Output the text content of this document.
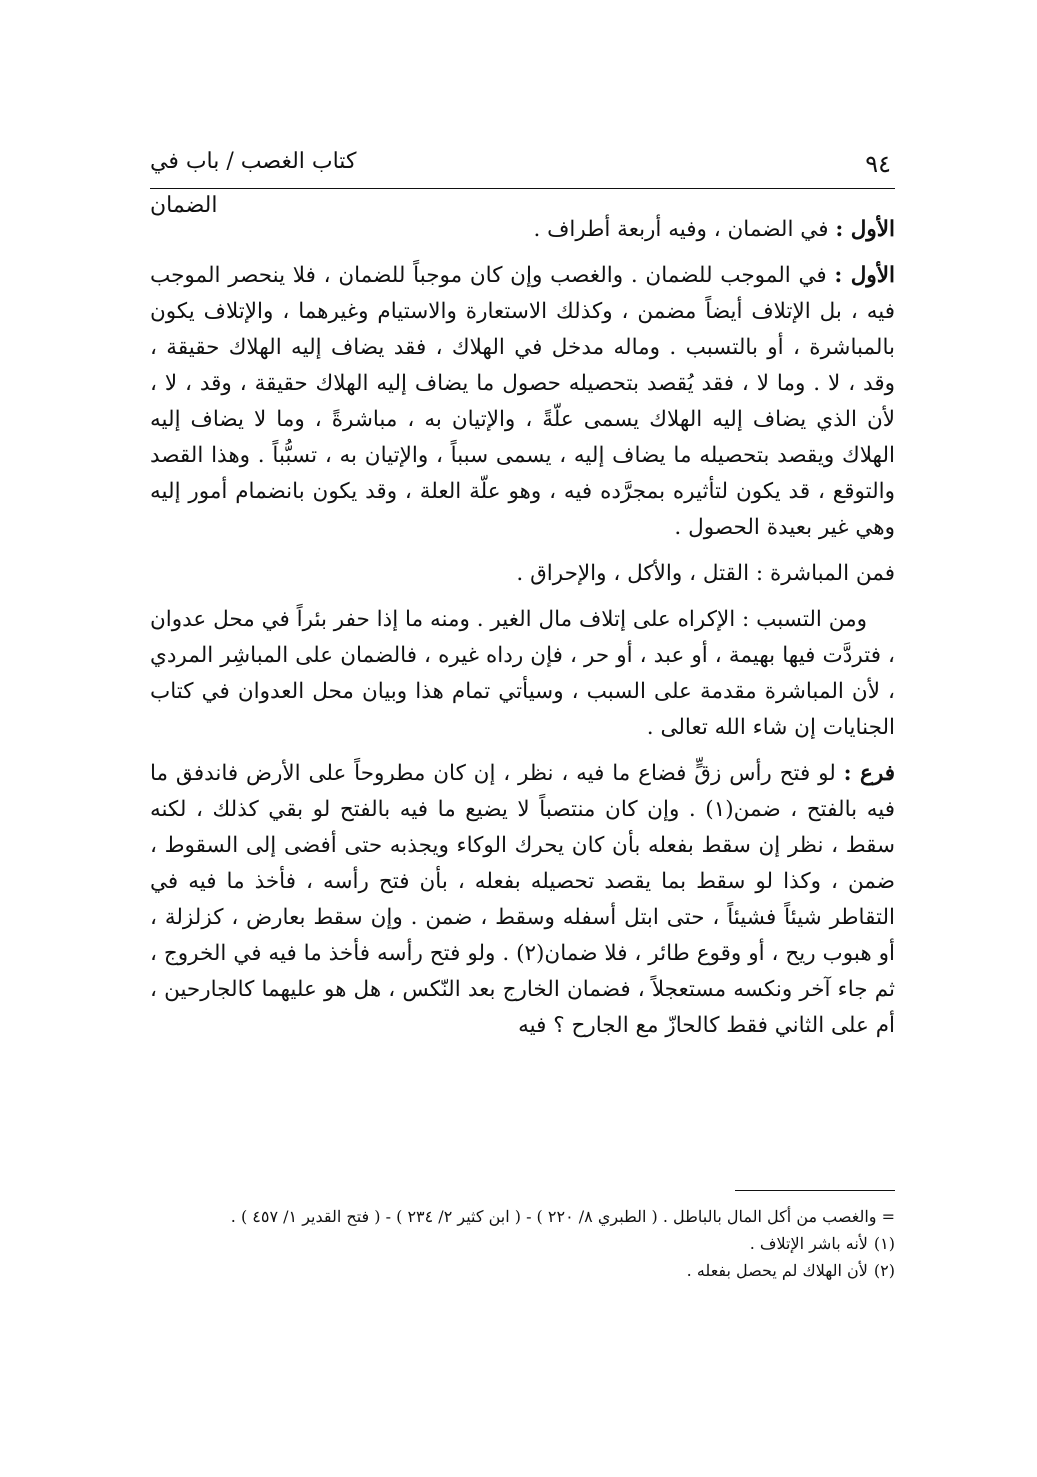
٩٤
كتاب الغصب / باب في الضمان

الأول : في الضمان ، وفيه أربعة أطراف .

الأول : في الموجب للضمان . والغصب وإن كان موجباً للضمان ، فلا ينحصر الموجب فيه ، بل الإتلاف أيضاً مضمن ، وكذلك الاستعارة والاستيام وغيرهما ، والإتلاف يكون بالمباشرة ، أو بالتسبب . وماله مدخل في الهلاك ، فقد يضاف إليه الهلاك حقيقة ، وقد ، لا . وما لا ، فقد يُقصد بتحصيله حصول ما يضاف إليه الهلاك حقيقة ، وقد ، لا ، لأن الذي يضاف إليه الهلاك يسمى علّةً ، والإتيان به ، مباشرةً ، وما لا يضاف إليه الهلاك ويقصد بتحصيله ما يضاف إليه ، يسمى سبباً ، والإتيان به ، تسبُّباً . وهذا القصد والتوقع ، قد يكون لتأثيره بمجرَّده فيه ، وهو علّة العلة ، وقد يكون بانضمام أمور إليه وهي غير بعيدة الحصول .

فمن المباشرة : القتل ، والأكل ، والإحراق .

ومن التسبب : الإكراه على إتلاف مال الغير . ومنه ما إذا حفر بئراً في محل عدوان ، فتردَّت فيها بهيمة ، أو عبد ، أو حر ، فإن رداه غيره ، فالضمان على المباشِر المردي ، لأن المباشرة مقدمة على السبب ، وسيأتي تمام هذا وبيان محل العدوان في كتاب الجنايات إن شاء الله تعالى .

فرع : لو فتح رأس زقٍّ فضاع ما فيه ، نظر ، إن كان مطروحاً على الأرض فاندفق ما فيه بالفتح ، ضمن(١) . وإن كان منتصباً لا يضيع ما فيه بالفتح لو بقي كذلك ، لكنه سقط ، نظر إن سقط بفعله بأن كان يحرك الوكاء ويجذبه حتى أفضى إلى السقوط ، ضمن ، وكذا لو سقط بما يقصد تحصيله بفعله ، بأن فتح رأسه ، فأخذ ما فيه في التقاطر شيئاً فشيئاً ، حتى ابتل أسفله وسقط ، ضمن . وإن سقط بعارض ، كزلزلة ، أو هبوب ريح ، أو وقوع طائر ، فلا ضمان(٢) . ولو فتح رأسه فأخذ ما فيه في الخروج ، ثم جاء آخر ونكسه مستعجلاً ، فضمان الخارج بعد النّكس ، هل هو عليهما كالجارحين ، أم على الثاني فقط كالحازّ مع الجارح ؟ فيه

= والغصب من أكل المال بالباطل . ( الطبري ٨/ ٢٢٠ ) - ( ابن كثير ٢/ ٢٣٤ ) - ( فتح القدير ١/ ٤٥٧ ) .

(١)لأنه باشر الإتلاف .

(٢)لأن الهلاك لم يحصل بفعله .
